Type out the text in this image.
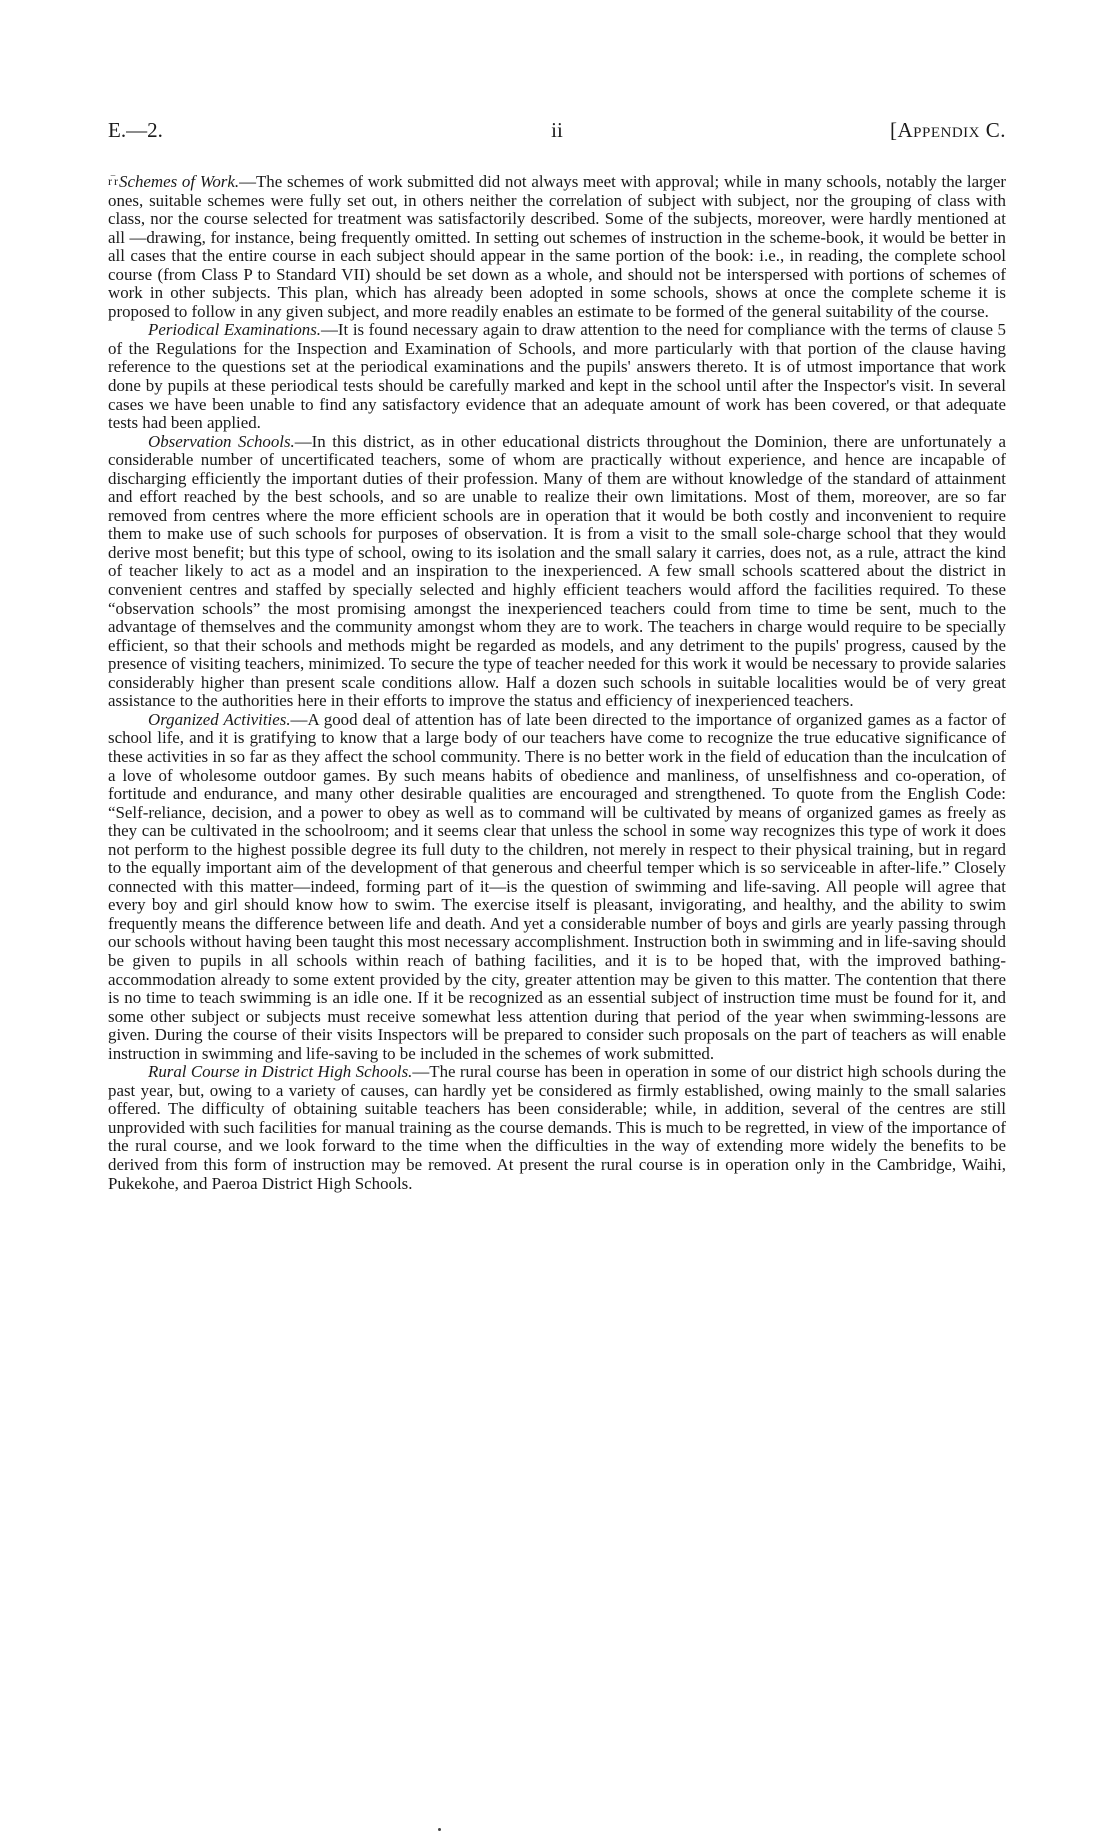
ii
E.—2.	[Appendix C.

r‾r Schemes of Work.—The schemes of work submitted did not always meet with approval; while in many schools, notably the larger ones, suitable schemes were fully set out, in others neither the correlation of subject with subject, nor the grouping of class with class, nor the course selected for treatment was satisfactorily described. Some of the subjects, moreover, were hardly mentioned at all —drawing, for instance, being frequently omitted. In setting out schemes of instruction in the scheme-book, it would be better in all cases that the entire course in each subject should appear in the same portion of the book: i.e., in reading, the complete school course (from Class P to Standard VII) should be set down as a whole, and should not be interspersed with portions of schemes of work in other subjects. This plan, which has already been adopted in some schools, shows at once the complete scheme it is proposed to follow in any given subject, and more readily enables an estimate to be formed of the general suitability of the course.

Periodical Examinations.—It is found necessary again to draw attention to the need for compliance with the terms of clause 5 of the Regulations for the Inspection and Examination of Schools, and more particularly with that portion of the clause having reference to the questions set at the periodical examinations and the pupils' answers thereto. It is of utmost importance that work done by pupils at these periodical tests should be carefully marked and kept in the school until after the Inspector's visit. In several cases we have been unable to find any satisfactory evidence that an adequate amount of work has been covered, or that adequate tests had been applied.

Observation Schools.—In this district, as in other educational districts throughout the Dominion, there are unfortunately a considerable number of uncertificated teachers, some of whom are practically without experience, and hence are incapable of discharging efficiently the important duties of their profession. Many of them are without knowledge of the standard of attainment and effort reached by the best schools, and so are unable to realize their own limitations. Most of them, moreover, are so far removed from centres where the more efficient schools are in operation that it would be both costly and inconvenient to require them to make use of such schools for purposes of observation. It is from a visit to the small sole-charge school that they would derive most benefit; but this type of school, owing to its isolation and the small salary it carries, does not, as a rule, attract the kind of teacher likely to act as a model and an inspiration to the inexperienced. A few small schools scattered about the district in convenient centres and staffed by specially selected and highly efficient teachers would afford the facilities required. To these “observation schools” the most promising amongst the inexperienced teachers could from time to time be sent, much to the advantage of themselves and the community amongst whom they are to work. The teachers in charge would require to be specially efficient, so that their schools and methods might be regarded as models, and any detriment to the pupils' progress, caused by the presence of visiting teachers, minimized. To secure the type of teacher needed for this work it would be necessary to provide salaries considerably higher than present scale conditions allow. Half a dozen such schools in suitable localities would be of very great assistance to the authorities here in their efforts to improve the status and efficiency of inexperienced teachers.

Organized Activities.—A good deal of attention has of late been directed to the importance of organized games as a factor of school life, and it is gratifying to know that a large body of our teachers have come to recognize the true educative significance of these activities in so far as they affect the school community. There is no better work in the field of education than the inculcation of a love of wholesome outdoor games. By such means habits of obedience and manliness, of unselfishness and co-operation, of fortitude and endurance, and many other desirable qualities are encouraged and strengthened. To quote from the English Code: “Self-reliance, decision, and a power to obey as well as to command will be cultivated by means of organized games as freely as they can be cultivated in the schoolroom; and it seems clear that unless the school in some way recognizes this type of work it does not perform to the highest possible degree its full duty to the children, not merely in respect to their physical training, but in regard to the equally important aim of the development of that generous and cheerful temper which is so serviceable in after-life.” Closely connected with this matter—indeed, forming part of it—is the question of swimming and life-saving. All people will agree that every boy and girl should know how to swim. The exercise itself is pleasant, invigorating, and healthy, and the ability to swim frequently means the difference between life and death. And yet a considerable number of boys and girls are yearly passing through our schools without having been taught this most necessary accomplishment. Instruction both in swimming and in life-saving should be given to pupils in all schools within reach of bathing facilities, and it is to be hoped that, with the improved bathing-accommodation already to some extent provided by the city, greater attention may be given to this matter. The contention that there is no time to teach swimming is an idle one. If it be recognized as an essential subject of instruction time must be found for it, and some other subject or subjects must receive somewhat less attention during that period of the year when swimming-lessons are given. During the course of their visits Inspectors will be prepared to consider such proposals on the part of teachers as will enable instruction in swimming and life-saving to be included in the schemes of work submitted.

Rural Course in District High Schools.—The rural course has been in operation in some of our district high schools during the past year, but, owing to a variety of causes, can hardly yet be considered as firmly established, owing mainly to the small salaries offered. The difficulty of obtaining suitable teachers has been considerable; while, in addition, several of the centres are still unprovided with such facilities for manual training as the course demands. This is much to be regretted, in view of the importance of the rural course, and we look forward to the time when the difficulties in the way of extending more widely the benefits to be derived from this form of instruction may be removed. At present the rural course is in operation only in the Cambridge, Waihi, Pukekohe, and Paeroa District High Schools.
